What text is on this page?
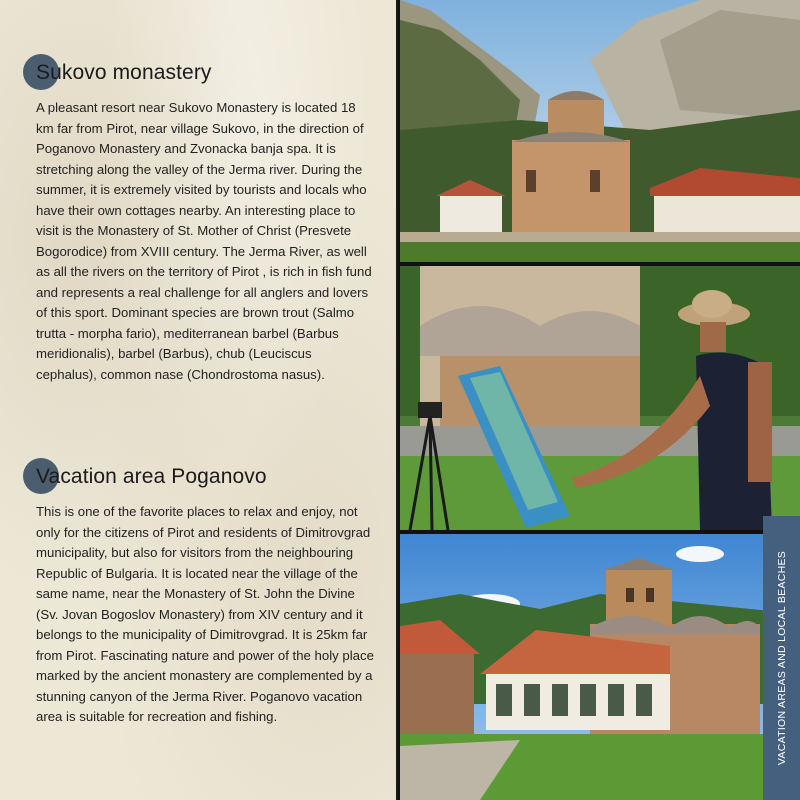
Sukovo monastery

A pleasant resort near Sukovo Monastery is located 18 km far from Pirot, near village Sukovo, in the direction of Poganovo Monastery and Zvonacka banja spa. It is stretching along the valley of the Jerma river. During the summer, it is extremely visited by tourists and locals who have their own cottages nearby. An interesting place to visit is the Monastery of St. Mother of Christ (Presvete Bogorodice) from XVIII century. The Jerma River, as well as all the rivers on the territory of Pirot , is rich in fish fund and represents a real challenge for all anglers and lovers of this sport. Dominant species are brown trout (Salmo trutta - morpha fario), mediterranean barbel (Barbus meridionalis), barbel (Barbus), chub (Leuciscus cephalus), common nase (Chondrostoma nasus).

Vacation area Poganovo

This is one of the favorite places to relax and enjoy, not only for the citizens of Pirot and residents of Dimitrovgrad municipality, but also for visitors from the neighbouring Republic of Bulgaria. It is located near the village of the same name, near the Monastery of St. John the Divine (Sv. Jovan Bogoslov Monastery) from XIV century and it belongs to the municipality of Dimitrovgrad. It is 25km far from Pirot. Fascinating nature and power of the holy place marked by the ancient monastery are complemented by a stunning canyon of the Jerma River. Poganovo vacation area is suitable for recreation and fishing.	VACATION AREAS AND LOCAL BEACHES
